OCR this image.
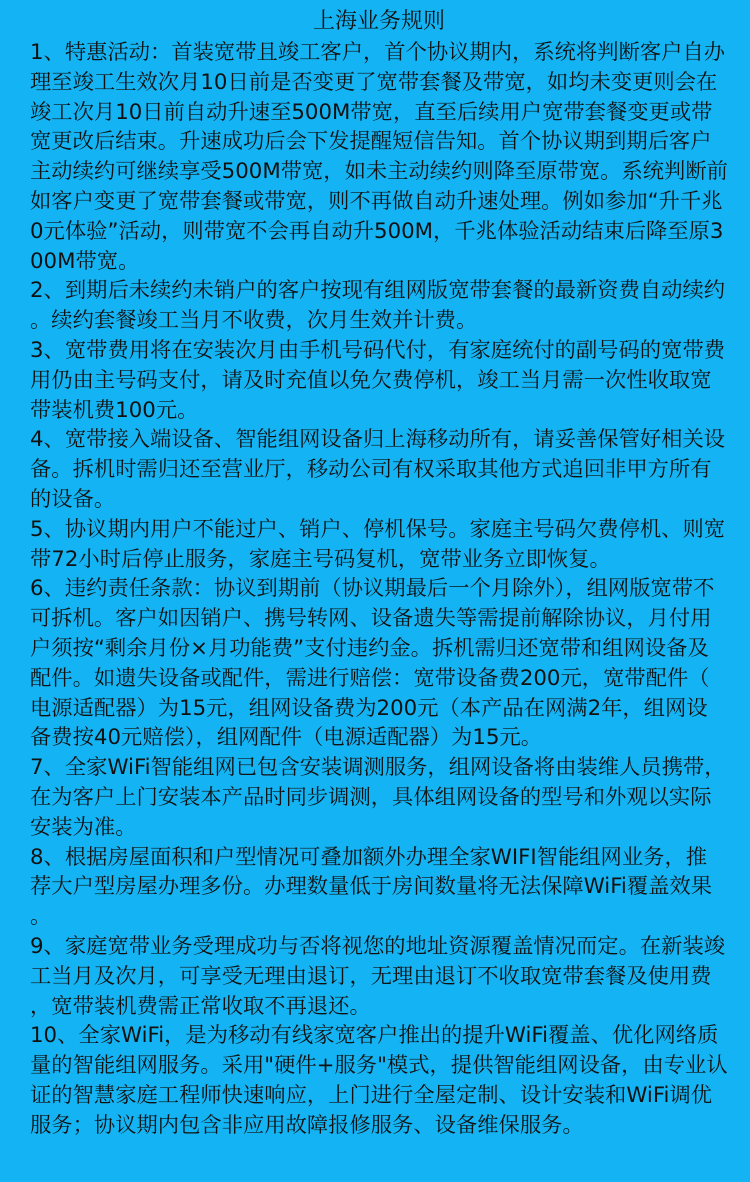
上海业务规则
1、特惠活动：首装宽带且竣工客户，首个协议期内，系统将判断客户自办理至竣工生效次月10日前是否变更了宽带套餐及带宽，如均未变更则会在竣工次月10日前自动升速至500M带宽，直至后续用户宽带套餐变更或带宽更改后结束。升速成功后会下发提醒短信告知。首个协议期到期后客户主动续约可继续享受500M带宽，如未主动续约则降至原带宽。系统判断前如客户变更了宽带套餐或带宽，则不再做自动升速处理。例如参加“升千兆0元体验”活动，则带宽不会再自动升500M，千兆体验活动结束后降至原300M带宽。
2、到期后未续约未销户的客户按现有组网版宽带套餐的最新资费自动续约。续约套餐竣工当月不收费，次月生效并计费。
3、宽带费用将在安装次月由手机号码代付，有家庭统付的副号码的宽带费用仍由主号码支付，请及时充值以免欠费停机，竣工当月需一次性收取宽带装机费100元。
4、宽带接入端设备、智能组网设备归上海移动所有，请妥善保管好相关设备。拆机时需归还至营业厅，移动公司有权采取其他方式追回非甲方所有的设备。
5、协议期内用户不能过户、销户、停机保号。家庭主号码欠费停机、则宽带72小时后停止服务，家庭主号码复机，宽带业务立即恢复。
6、违约责任条款：协议到期前（协议期最后一个月除外），组网版宽带不可拆机。客户如因销户、携号转网、设备遗失等需提前解除协议，月付用户须按“剩余月份×月功能费”支付违约金。拆机需归还宽带和组网设备及配件。如遗失设备或配件，需进行赔偿：宽带设备费200元，宽带配件（电源适配器）为15元，组网设备费为200元（本产品在网满2年，组网设备费按40元赔偿），组网配件（电源适配器）为15元。
7、全家WiFi智能组网已包含安装调测服务，组网设备将由装维人员携带，在为客户上门安装本产品时同步调测，具体组网设备的型号和外观以实际安装为准。
8、根据房屋面积和户型情况可叠加额外办理全家WIFI智能组网业务，推荐大户型房屋办理多份。办理数量低于房间数量将无法保障WiFi覆盖效果。
9、家庭宽带业务受理成功与否将视您的地址资源覆盖情况而定。在新装竣工当月及次月，可享受无理由退订，无理由退订不收取宽带套餐及使用费，宽带装机费需正常收取不再退还。
10、全家WiFi，是为移动有线家宽客户推出的提升WiFi覆盖、优化网络质量的智能组网服务。采用"硬件+服务"模式，提供智能组网设备，由专业认证的智慧家庭工程师快速响应，上门进行全屋定制、设计安装和WiFi调优服务；协议期内包含非应用故障报修服务、设备维保服务。
